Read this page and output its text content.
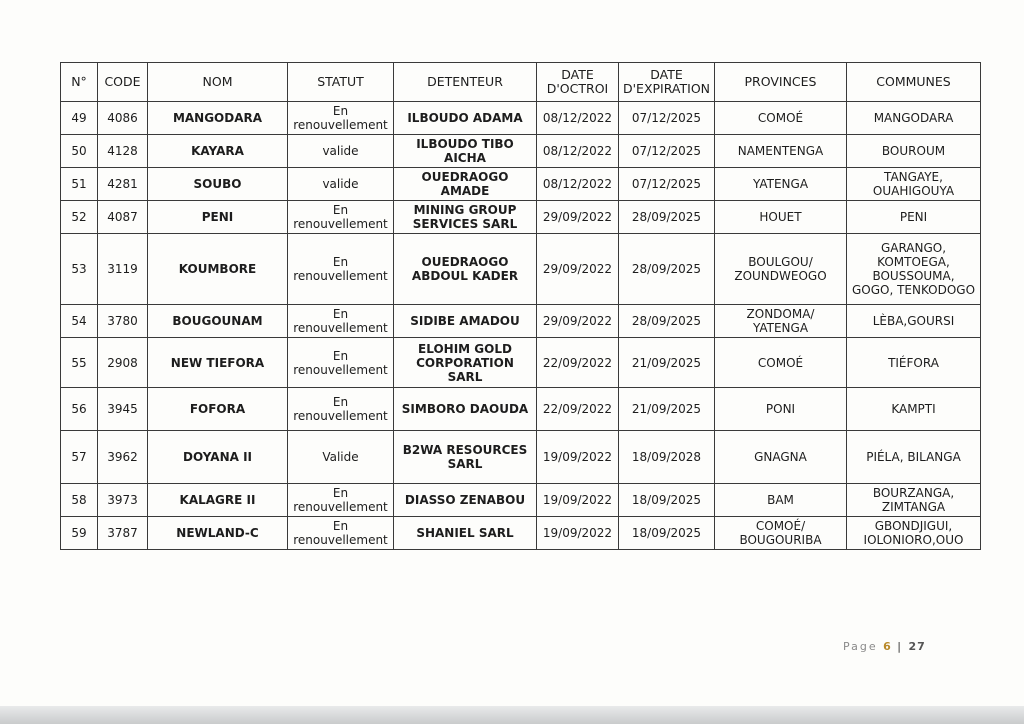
N°	CODE	NOM	STATUT	DETENTEUR	DATE D'OCTROI	DATE D'EXPIRATION	PROVINCES	COMMUNES
49	4086	MANGODARA	En renouvellement	ILBOUDO ADAMA	08/12/2022	07/12/2025	COMOÉ	MANGODARA
50	4128	KAYARA	valide	ILBOUDO TIBO AICHA	08/12/2022	07/12/2025	NAMENTENGA	BOUROUM
51	4281	SOUBO	valide	OUEDRAOGO AMADE	08/12/2022	07/12/2025	YATENGA	TANGAYE, OUAHIGOUYA
52	4087	PENI	En renouvellement	MINING GROUP SERVICES SARL	29/09/2022	28/09/2025	HOUET	PENI
53	3119	KOUMBORE	En renouvellement	OUEDRAOGO ABDOUL KADER	29/09/2022	28/09/2025	BOULGOU/ ZOUNDWEOGO	GARANGO, KOMTOEGA, BOUSSOUMA, GOGO, TENKODOGO
54	3780	BOUGOUNAM	En renouvellement	SIDIBE AMADOU	29/09/2022	28/09/2025	ZONDOMA/ YATENGA	LÈBA,GOURSI
55	2908	NEW TIEFORA	En renouvellement	ELOHIM GOLD CORPORATION SARL	22/09/2022	21/09/2025	COMOÉ	TIÉFORA
56	3945	FOFORA	En renouvellement	SIMBORO DAOUDA	22/09/2022	21/09/2025	PONI	KAMPTI
57	3962	DOYANA II	Valide	B2WA RESOURCES SARL	19/09/2022	18/09/2028	GNAGNA	PIÉLA, BILANGA
58	3973	KALAGRE II	En renouvellement	DIASSO ZENABOU	19/09/2022	18/09/2025	BAM	BOURZANGA, ZIMTANGA
59	3787	NEWLAND-C	En renouvellement	SHANIEL SARL	19/09/2022	18/09/2025	COMOÉ/ BOUGOURIBA	GBONDJIGUI, IOLONIORO,OUO
Page 6 | 27
